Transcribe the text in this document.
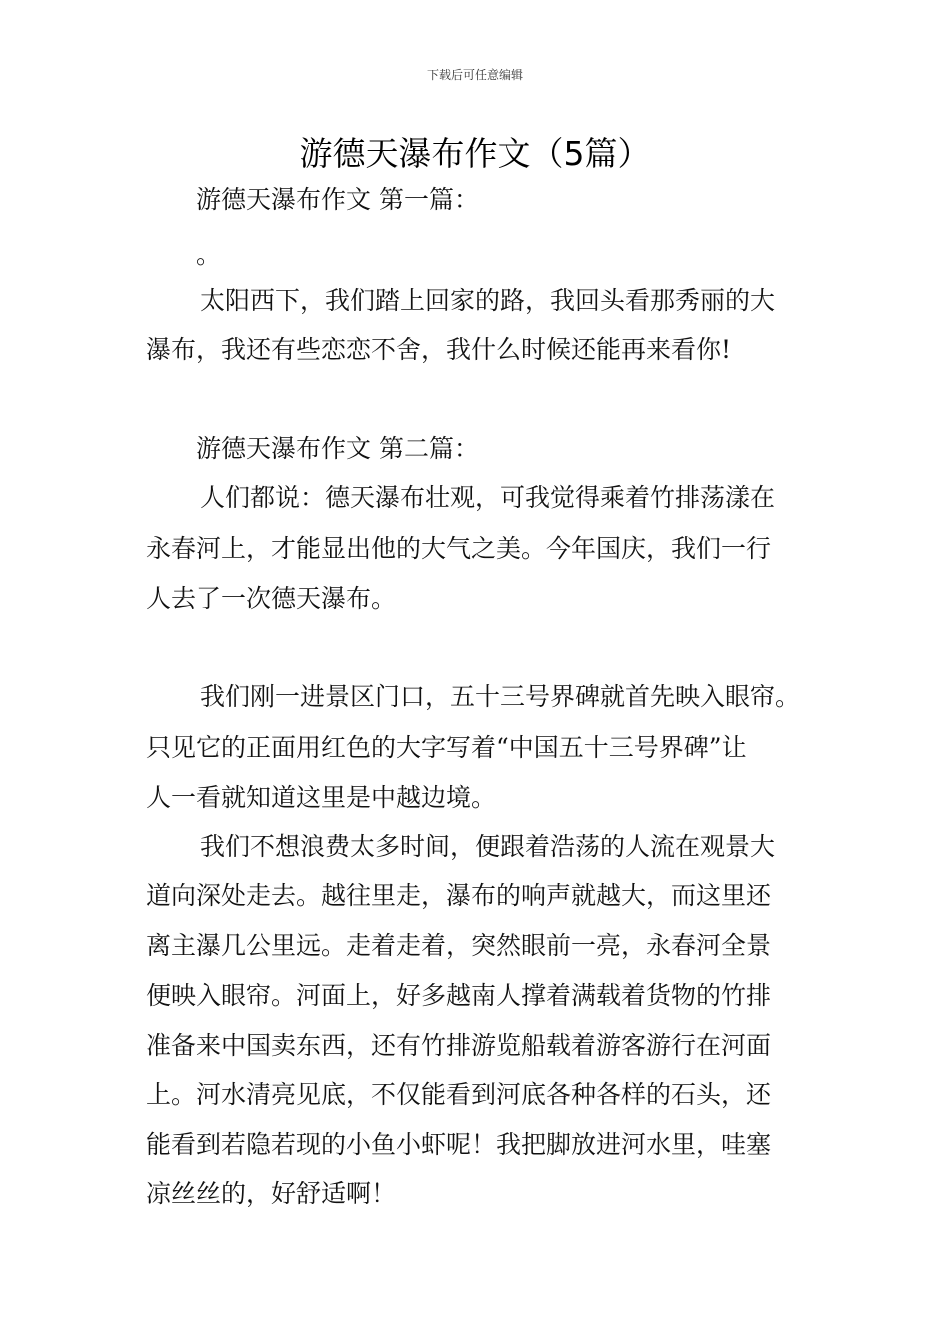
下载后可任意编辑
游德天瀑布作文（5篇）
游德天瀑布作文 第一篇：
。
太阳西下，我们踏上回家的路，我回头看那秀丽的大
瀑布，我还有些恋恋不舍，我什么时候还能再来看你!
游德天瀑布作文 第二篇：
人们都说：德天瀑布壮观，可我觉得乘着竹排荡漾在
永春河上，才能显出他的大气之美。今年国庆，我们一行
人去了一次德天瀑布。
我们刚一进景区门口，五十三号界碑就首先映入眼帘。
只见它的正面用红色的大字写着“中国五十三号界碑”让
人一看就知道这里是中越边境。
我们不想浪费太多时间，便跟着浩荡的人流在观景大
道向深处走去。越往里走，瀑布的响声就越大，而这里还
离主瀑几公里远。走着走着，突然眼前一亮，永春河全景
便映入眼帘。河面上，好多越南人撑着满载着货物的竹排
准备来中国卖东西，还有竹排游览船载着游客游行在河面
上。河水清亮见底，不仅能看到河底各种各样的石头，还
能看到若隐若现的小鱼小虾呢！我把脚放进河水里，哇塞
凉丝丝的，好舒适啊！
